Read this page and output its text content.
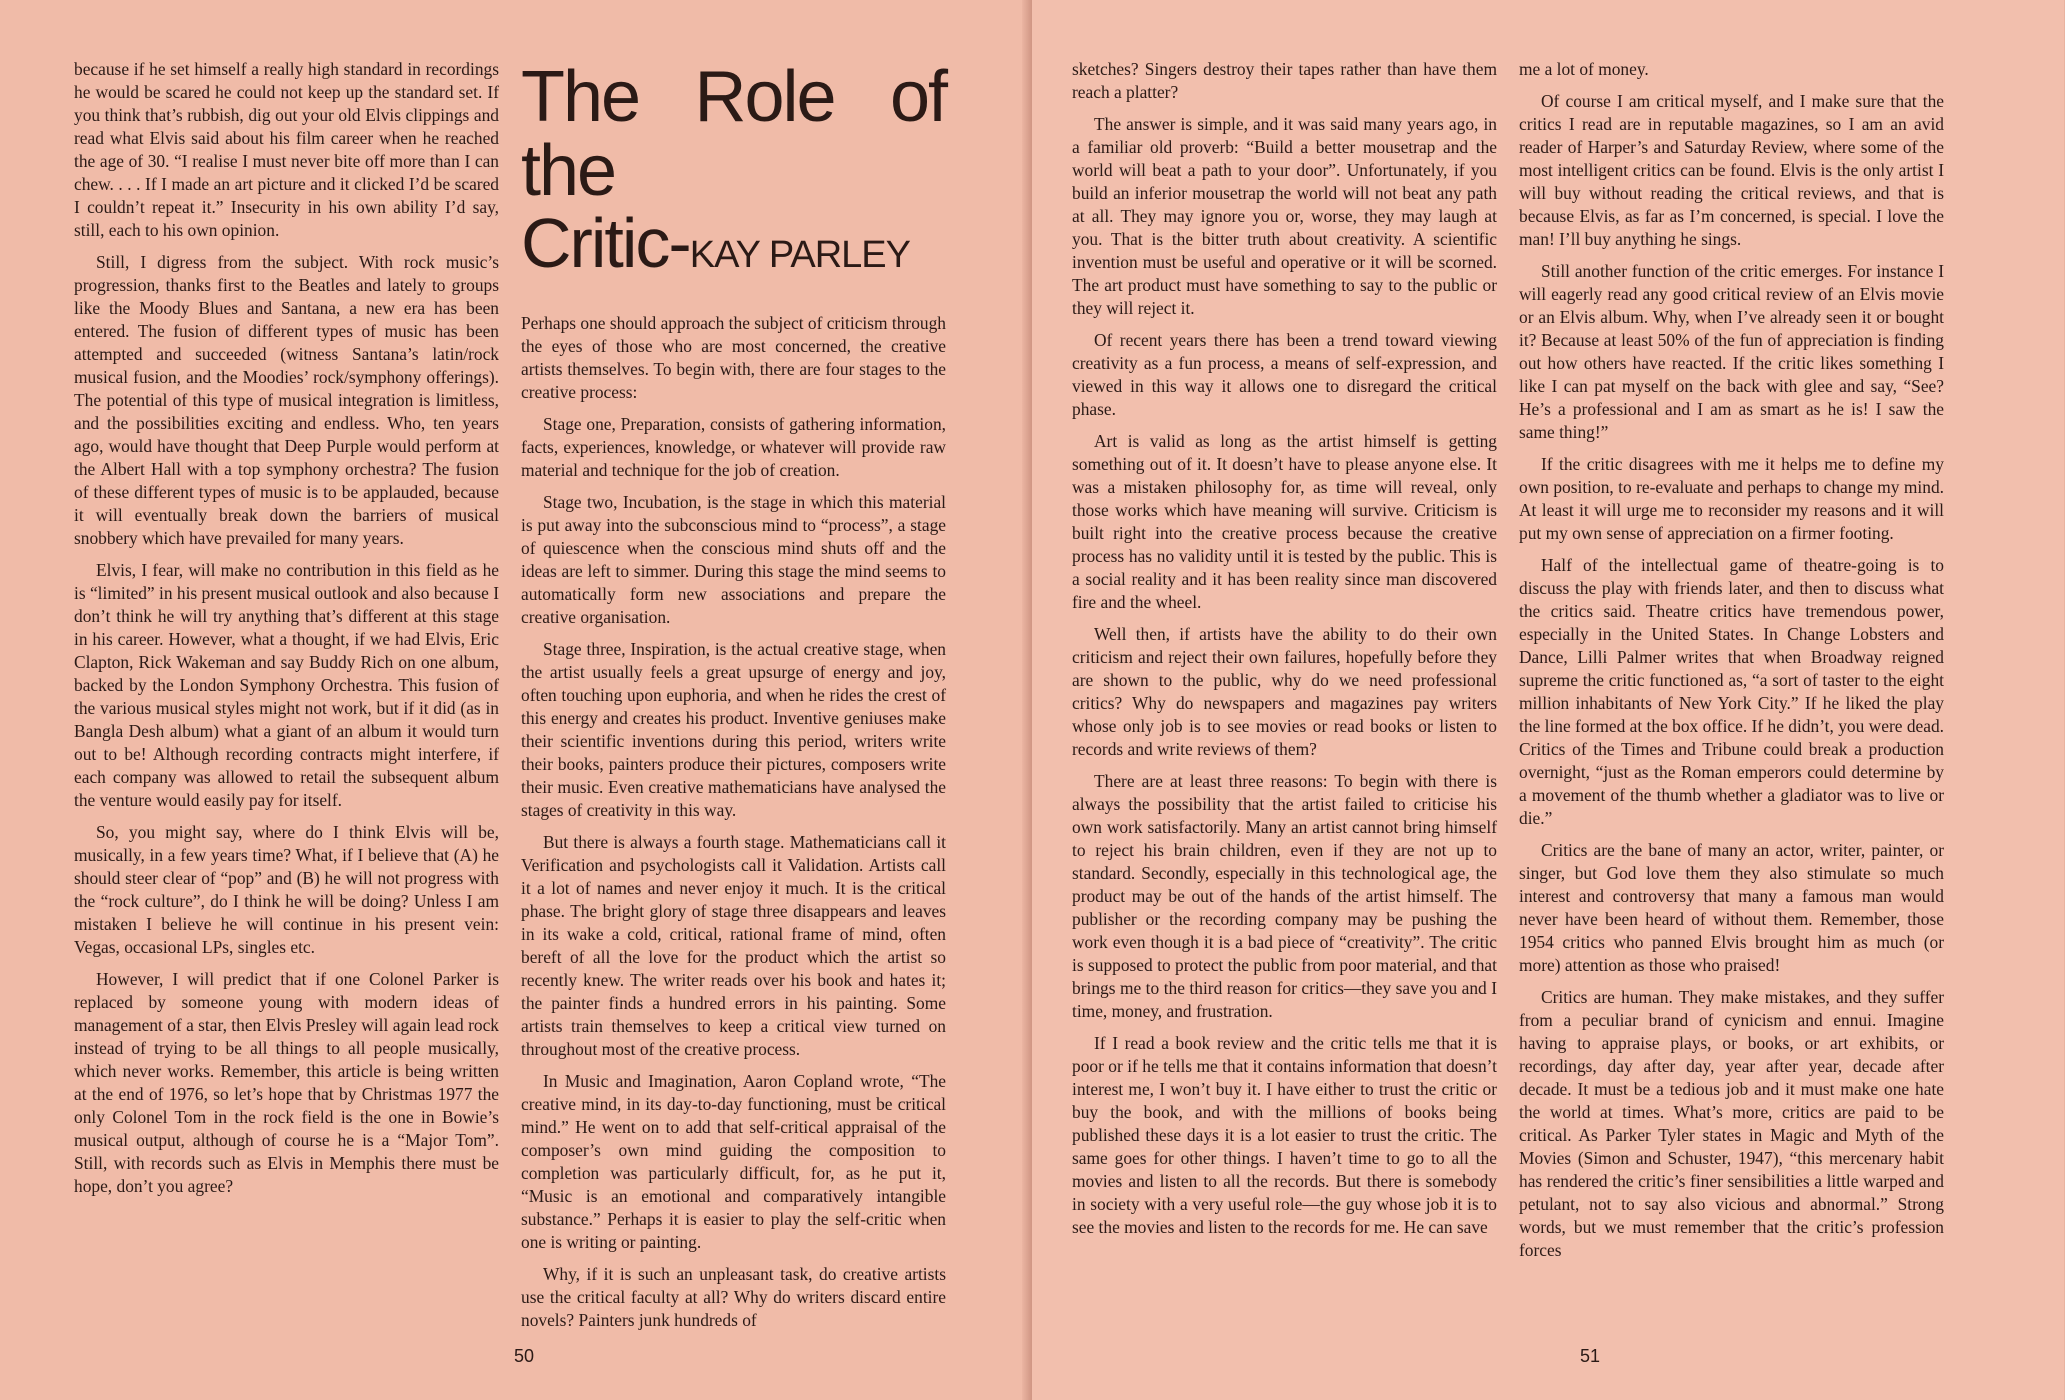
because if he set himself a really high standard in recordings he would be scared he could not keep up the standard set. If you think that’s rubbish, dig out your old Elvis clippings and read what Elvis said about his film career when he reached the age of 30. “I realise I must never bite off more than I can chew. . . . If I made an art picture and it clicked I’d be scared I couldn’t repeat it.” Insecurity in his own ability I’d say, still, each to his own opinion.

Still, I digress from the subject. With rock music’s progression, thanks first to the Beatles and lately to groups like the Moody Blues and Santana, a new era has been entered. The fusion of different types of music has been attempted and succeeded (witness Santana’s latin/rock musical fusion, and the Moodies’ rock/symphony offerings). The potential of this type of musical integration is limitless, and the possibilities exciting and endless. Who, ten years ago, would have thought that Deep Purple would perform at the Albert Hall with a top symphony orchestra? The fusion of these different types of music is to be applauded, because it will eventually break down the barriers of musical snobbery which have prevailed for many years.

Elvis, I fear, will make no contribution in this field as he is “limited” in his present musical outlook and also because I don’t think he will try anything that’s different at this stage in his career. However, what a thought, if we had Elvis, Eric Clapton, Rick Wakeman and say Buddy Rich on one album, backed by the London Symphony Orchestra. This fusion of the various musical styles might not work, but if it did (as in Bangla Desh album) what a giant of an album it would turn out to be! Although recording contracts might interfere, if each company was allowed to retail the subsequent album the venture would easily pay for itself.

So, you might say, where do I think Elvis will be, musically, in a few years time? What, if I believe that (A) he should steer clear of “pop” and (B) he will not progress with the “rock culture”, do I think he will be doing? Unless I am mistaken I believe he will continue in his present vein: Vegas, occasional LPs, singles etc.

However, I will predict that if one Colonel Parker is replaced by someone young with modern ideas of management of a star, then Elvis Presley will again lead rock instead of trying to be all things to all people musically, which never works. Remember, this article is being written at the end of 1976, so let’s hope that by Christmas 1977 the only Colonel Tom in the rock field is the one in Bowie’s musical output, although of course he is a “Major Tom”. Still, with records such as Elvis in Memphis there must be hope, don’t you agree?

The Role of the
Critic-KAY PARLEY

Perhaps one should approach the subject of criticism through the eyes of those who are most concerned, the creative artists themselves. To begin with, there are four stages to the creative process:

Stage one, Preparation, consists of gathering information, facts, experiences, knowledge, or whatever will provide raw material and technique for the job of creation.

Stage two, Incubation, is the stage in which this material is put away into the subconscious mind to “process”, a stage of quiescence when the conscious mind shuts off and the ideas are left to simmer. During this stage the mind seems to automatically form new associations and prepare the creative organisation.

Stage three, Inspiration, is the actual creative stage, when the artist usually feels a great upsurge of energy and joy, often touching upon euphoria, and when he rides the crest of this energy and creates his product. Inventive geniuses make their scientific inventions during this period, writers write their books, painters produce their pictures, composers write their music. Even creative mathematicians have analysed the stages of creativity in this way.

But there is always a fourth stage. Mathematicians call it Verification and psychologists call it Validation. Artists call it a lot of names and never enjoy it much. It is the critical phase. The bright glory of stage three disappears and leaves in its wake a cold, critical, rational frame of mind, often bereft of all the love for the product which the artist so recently knew. The writer reads over his book and hates it; the painter finds a hundred errors in his painting. Some artists train themselves to keep a critical view turned on throughout most of the creative process.

In Music and Imagination, Aaron Copland wrote, “The creative mind, in its day-to-day functioning, must be critical mind.” He went on to add that self-critical appraisal of the composer’s own mind guiding the composition to completion was particularly difficult, for, as he put it, “Music is an emotional and comparatively intangible substance.” Perhaps it is easier to play the self-critic when one is writing or painting.

Why, if it is such an unpleasant task, do creative artists use the critical faculty at all? Why do writers discard entire novels? Painters junk hundreds of

50

sketches? Singers destroy their tapes rather than have them reach a platter?

The answer is simple, and it was said many years ago, in a familiar old proverb: “Build a better mousetrap and the world will beat a path to your door”. Unfortunately, if you build an inferior mousetrap the world will not beat any path at all. They may ignore you or, worse, they may laugh at you. That is the bitter truth about creativity. A scientific invention must be useful and operative or it will be scorned. The art product must have something to say to the public or they will reject it.

Of recent years there has been a trend toward viewing creativity as a fun process, a means of self-expression, and viewed in this way it allows one to disregard the critical phase.

Art is valid as long as the artist himself is getting something out of it. It doesn’t have to please anyone else. It was a mistaken philosophy for, as time will reveal, only those works which have meaning will survive. Criticism is built right into the creative process because the creative process has no validity until it is tested by the public. This is a social reality and it has been reality since man discovered fire and the wheel.

Well then, if artists have the ability to do their own criticism and reject their own failures, hopefully before they are shown to the public, why do we need professional critics? Why do newspapers and magazines pay writers whose only job is to see movies or read books or listen to records and write reviews of them?

There are at least three reasons: To begin with there is always the possibility that the artist failed to criticise his own work satisfactorily. Many an artist cannot bring himself to reject his brain children, even if they are not up to standard. Secondly, especially in this technological age, the product may be out of the hands of the artist himself. The publisher or the recording company may be pushing the work even though it is a bad piece of “creativity”. The critic is supposed to protect the public from poor material, and that brings me to the third reason for critics—they save you and I time, money, and frustration.

If I read a book review and the critic tells me that it is poor or if he tells me that it contains information that doesn’t interest me, I won’t buy it. I have either to trust the critic or buy the book, and with the millions of books being published these days it is a lot easier to trust the critic. The same goes for other things. I haven’t time to go to all the movies and listen to all the records. But there is somebody in society with a very useful role—the guy whose job it is to see the movies and listen to the records for me. He can save

me a lot of money.

Of course I am critical myself, and I make sure that the critics I read are in reputable magazines, so I am an avid reader of Harper’s and Saturday Review, where some of the most intelligent critics can be found. Elvis is the only artist I will buy without reading the critical reviews, and that is because Elvis, as far as I’m concerned, is special. I love the man! I’ll buy anything he sings.

Still another function of the critic emerges. For instance I will eagerly read any good critical review of an Elvis movie or an Elvis album. Why, when I’ve already seen it or bought it? Because at least 50% of the fun of appreciation is finding out how others have reacted. If the critic likes something I like I can pat myself on the back with glee and say, “See? He’s a professional and I am as smart as he is! I saw the same thing!”

If the critic disagrees with me it helps me to define my own position, to re-evaluate and perhaps to change my mind. At least it will urge me to reconsider my reasons and it will put my own sense of appreciation on a firmer footing.

Half of the intellectual game of theatre-going is to discuss the play with friends later, and then to discuss what the critics said. Theatre critics have tremendous power, especially in the United States. In Change Lobsters and Dance, Lilli Palmer writes that when Broadway reigned supreme the critic functioned as, “a sort of taster to the eight million inhabitants of New York City.” If he liked the play the line formed at the box office. If he didn’t, you were dead. Critics of the Times and Tribune could break a production overnight, “just as the Roman emperors could determine by a movement of the thumb whether a gladiator was to live or die.”

Critics are the bane of many an actor, writer, painter, or singer, but God love them they also stimulate so much interest and controversy that many a famous man would never have been heard of without them. Remember, those 1954 critics who panned Elvis brought him as much (or more) attention as those who praised!

Critics are human. They make mistakes, and they suffer from a peculiar brand of cynicism and ennui. Imagine having to appraise plays, or books, or art exhibits, or recordings, day after day, year after year, decade after decade. It must be a tedious job and it must make one hate the world at times. What’s more, critics are paid to be critical. As Parker Tyler states in Magic and Myth of the Movies (Simon and Schuster, 1947), “this mercenary habit has rendered the critic’s finer sensibilities a little warped and petulant, not to say also vicious and abnormal.” Strong words, but we must remember that the critic’s profession forces

51
